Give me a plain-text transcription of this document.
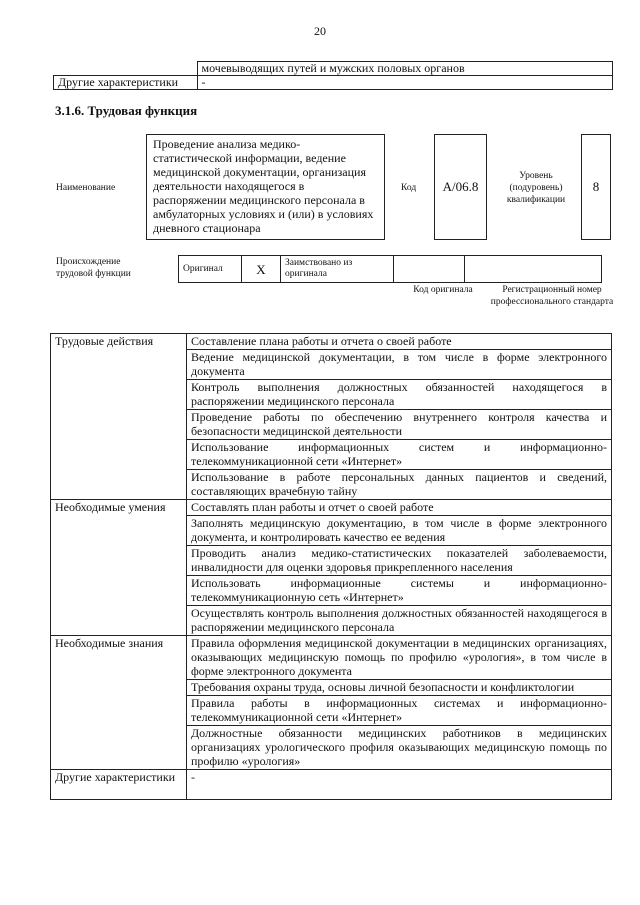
20
	мочевыводящих путей и мужских половых органов
Другие характеристики	-
3.1.6. Трудовая функция
Наименование
Проведение анализа медико-статистической информации, ведение медицинской документации, организация деятельности находящегося в распоряжении медицинского персонала в амбулаторных условиях и (или) в условиях дневного стационара
Код	A/06.8
Уровень (подуровень) квалификации
8
Происхождение трудовой функции
Оригинал	X	Заимствовано из оригинала		
Код оригинала	Регистрационный номер профессионального стандарта
Трудовые действия	Составление плана работы и отчета о своей работе
	Ведение медицинской документации, в том числе в форме электронного документа
	Контроль выполнения должностных обязанностей находящегося в распоряжении медицинского персонала
	Проведение работы по обеспечению внутреннего контроля качества и безопасности медицинской деятельности
	Использование информационных систем и информационно-телекоммуникационной сети «Интернет»
	Использование в работе персональных данных пациентов и сведений, составляющих врачебную тайну
Необходимые умения	Составлять план работы и отчет о своей работе
	Заполнять медицинскую документацию, в том числе в форме электронного документа, и контролировать качество ее ведения
	Проводить анализ медико-статистических показателей заболеваемости, инвалидности для оценки здоровья прикрепленного населения
	Использовать информационные системы и информационно-телекоммуникационную сеть «Интернет»
	Осуществлять контроль выполнения должностных обязанностей находящегося в распоряжении медицинского персонала
Необходимые знания	Правила оформления медицинской документации в медицинских организациях, оказывающих медицинскую помощь по профилю «урология», в том числе в форме электронного документа
	Требования охраны труда, основы личной безопасности и конфликтологии
	Правила работы в информационных системах и информационно-телекоммуникационной сети «Интернет»
	Должностные обязанности медицинских работников в медицинских организациях урологического профиля оказывающих медицинскую помощь по профилю «урология»
Другие характеристики	-
